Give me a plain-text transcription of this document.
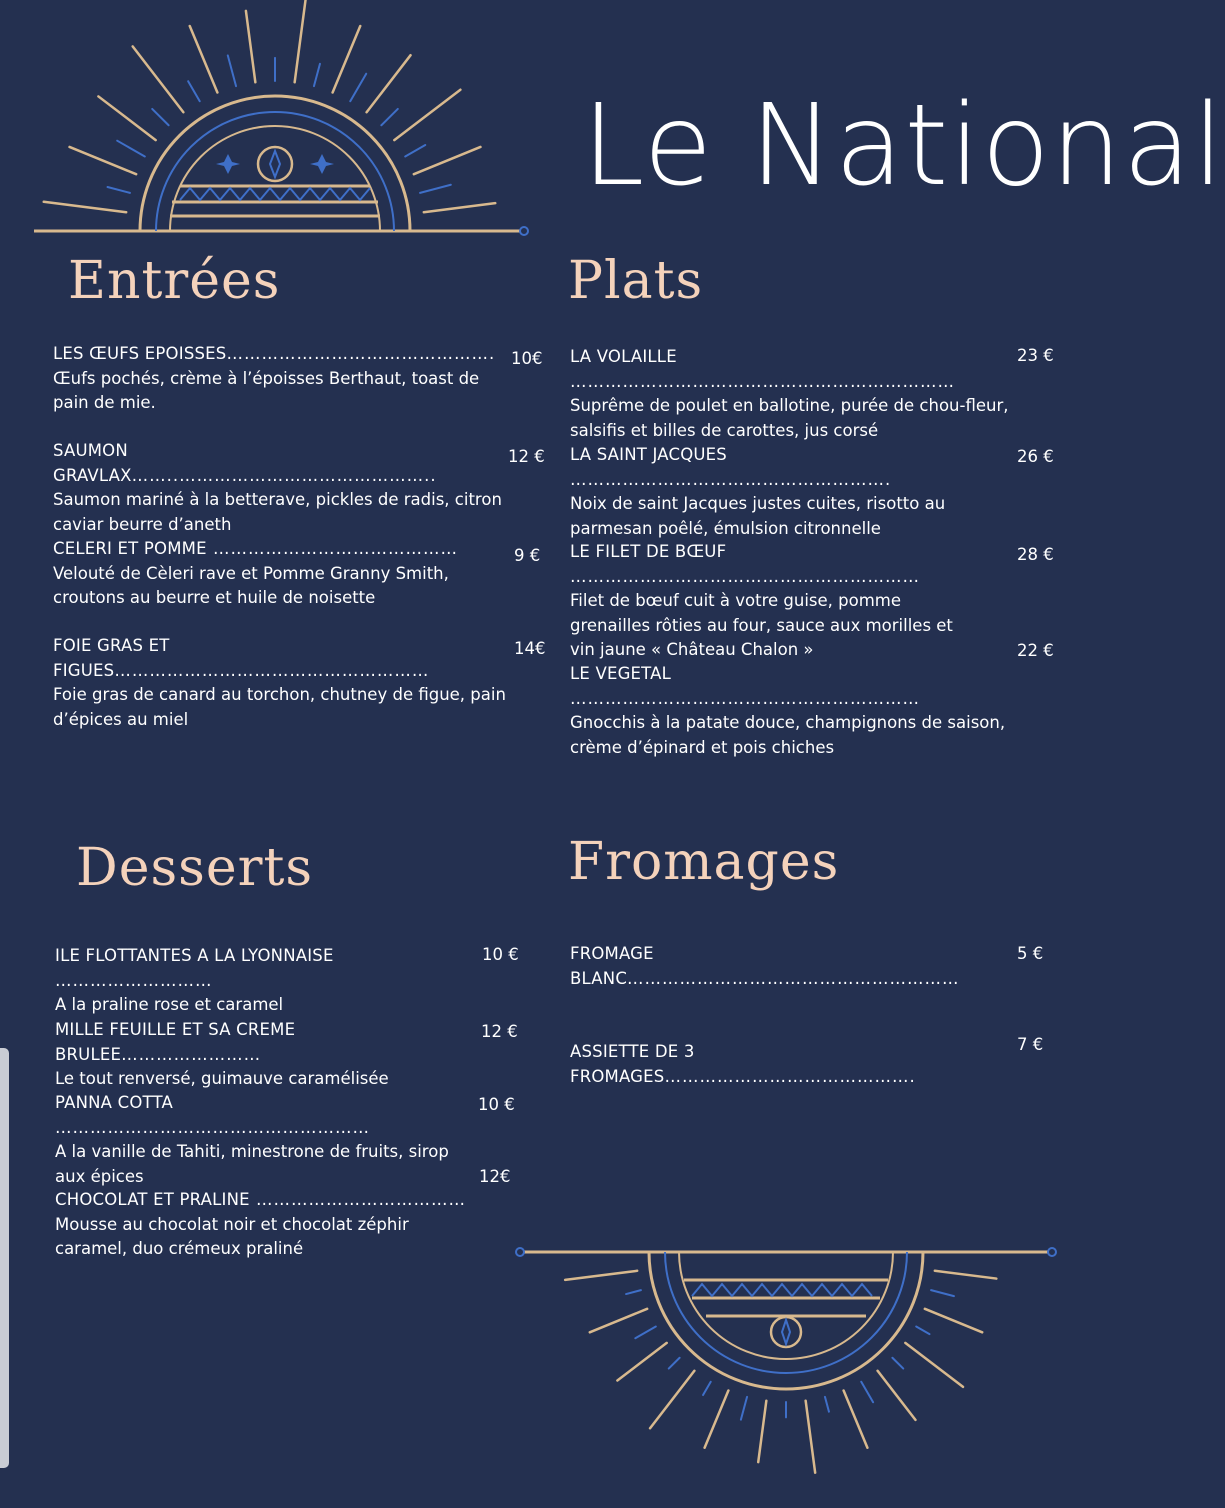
Le National
Entrées
LES ŒUFS EPOISSES……………………………………….
Œufs pochés, crème à l’époisses Berthaut, toast de pain de mie.
10€
SAUMON GRAVLAX……..……………………………………..
Saumon mariné à la betterave, pickles de radis, citron caviar beurre d’aneth
12 €
CELERI ET POMME ……………………………………
Velouté de Cèleri rave et Pomme Granny Smith, croutons au beurre et huile de noisette
9 €
FOIE GRAS ET FIGUES………………………………………………
Foie gras de canard au torchon, chutney de figue, pain d’épices au miel
14€
Plats
LA VOLAILLE …………………………………………………………
Suprême de poulet en ballotine, purée de chou-fleur, salsifis et billes de carottes, jus corsé
23 €
LA SAINT JACQUES ……………………………………………….
Noix de saint Jacques justes cuites, risotto au parmesan poêlé, émulsion citronnelle
26 €
LE FILET DE BŒUF ……………………………………………………
Filet de bœuf cuit à votre guise, pomme grenailles rôties au four, sauce aux morilles et vin jaune « Château Chalon »
28 €
LE VEGETAL ……………………………………………………
Gnocchis à la patate douce, champignons de saison, crème d’épinard et pois chiches
22 €
Desserts
ILE FLOTTANTES A LA LYONNAISE ………………………
A la praline rose et caramel
10 €
MILLE FEUILLE ET SA CREME BRULEE……………………
Le tout renversé, guimauve caramélisée
12 €
PANNA COTTA ………………………………………………
A la vanille de Tahiti, minestrone de fruits, sirop aux épices
10 €
CHOCOLAT ET PRALINE ………………………………
Mousse au chocolat noir et chocolat zéphir caramel, duo crémeux praliné
12€
Fromages
FROMAGE BLANC…………………………………………………
5 €
ASSIETTE DE 3 FROMAGES…………………………………….
7 €
